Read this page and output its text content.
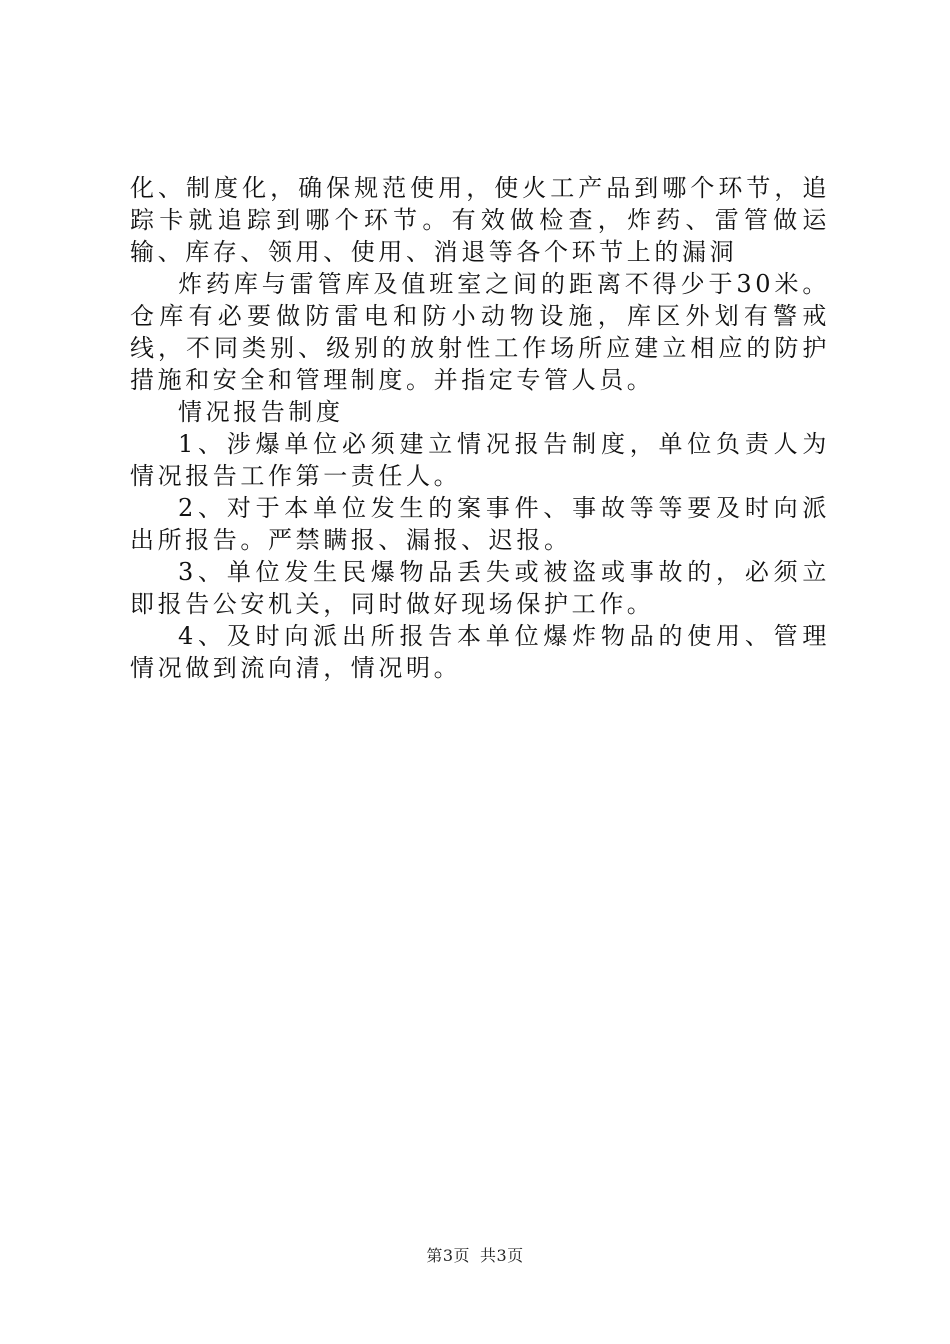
化、制度化，确保规范使用，使火工产品到哪个环节，追踪卡就追踪到哪个环节。有效做检查，炸药、雷管做运输、库存、领用、使用、消退等各个环节上的漏洞

炸药库与雷管库及值班室之间的距离不得少于30米。仓库有必要做防雷电和防小动物设施，库区外划有警戒线，不同类别、级别的放射性工作场所应建立相应的防护措施和安全和管理制度。并指定专管人员。

情况报告制度

1、涉爆单位必须建立情况报告制度，单位负责人为情况报告工作第一责任人。

2、对于本单位发生的案事件、事故等等要及时向派出所报告。严禁瞒报、漏报、迟报。

3、单位发生民爆物品丢失或被盗或事故的，必须立即报告公安机关，同时做好现场保护工作。

4、及时向派出所报告本单位爆炸物品的使用、管理情况做到流向清，情况明。

第3页 共3页
